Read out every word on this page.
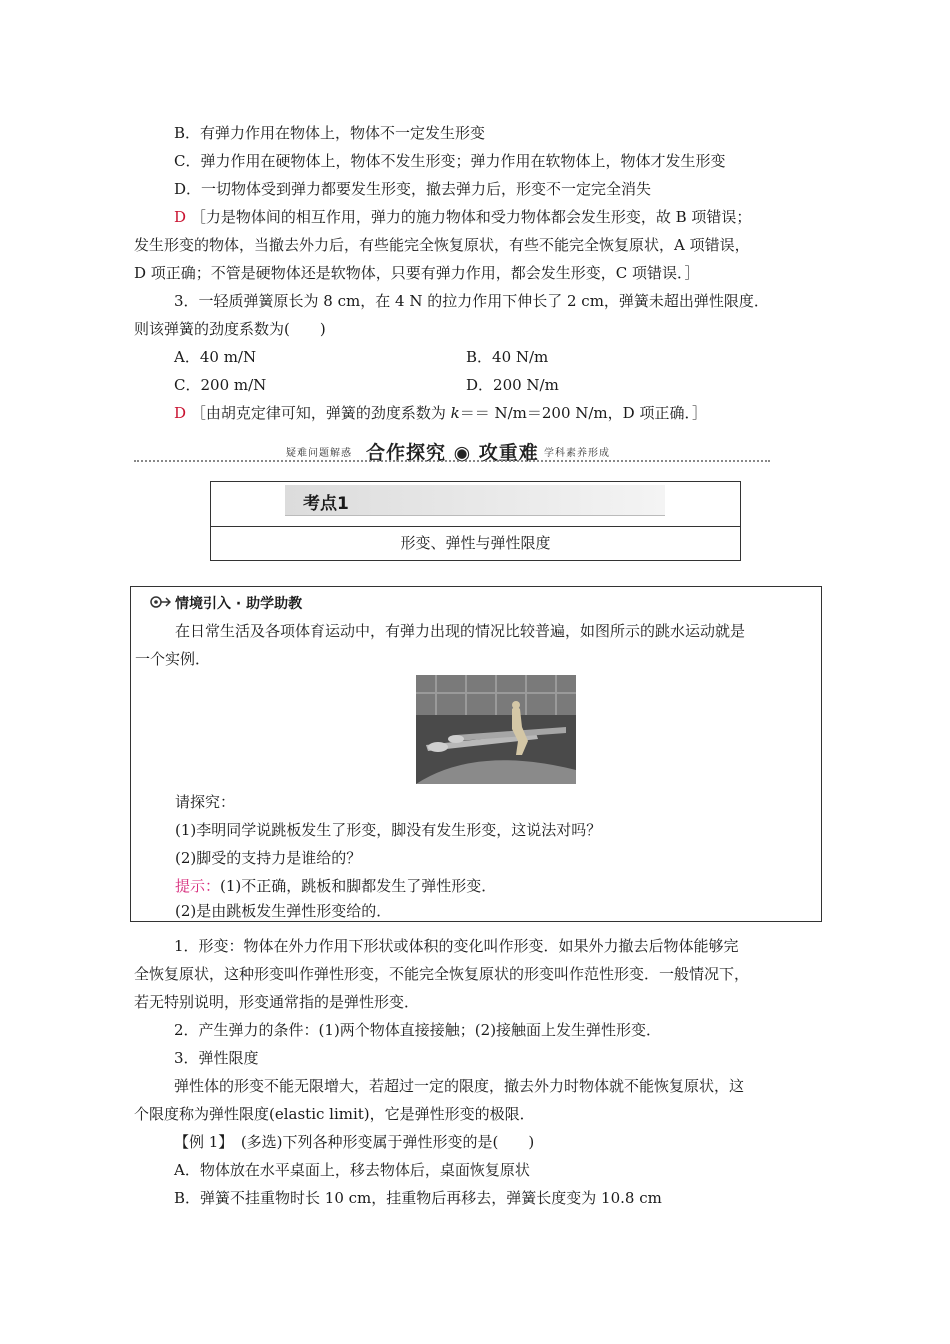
B．有弹力作用在物体上，物体不一定发生形变
C．弹力作用在硬物体上，物体不发生形变；弹力作用在软物体上，物体才发生形变
D．一切物体受到弹力都要发生形变，撤去弹力后，形变不一定完全消失
D ［力是物体间的相互作用，弹力的施力物体和受力物体都会发生形变，故 B 项错误；
发生形变的物体，当撤去外力后，有些能完全恢复原状，有些不能完全恢复原状，A 项错误，
D 项正确；不管是硬物体还是软物体，只要有弹力作用，都会发生形变，C 项错误．］
3．一轻质弹簧原长为 8 cm，在 4 N 的拉力作用下伸长了 2 cm，弹簧未超出弹性限度．
则该弹簧的劲度系数为(　　)
A．40 m/N	B．40 N/m
C．200 m/N	D．200 N/m
D ［由胡克定律可知，弹簧的劲度系数为 k＝＝ N/m＝200 N/m，D 项正确．］
疑难问题解惑 合作探究 ◉ 攻重难 学科素养形成
考点1
形变、弹性与弹性限度
情境引入 · 助学助教
在日常生活及各项体育运动中，有弹力出现的情况比较普遍，如图所示的跳水运动就是
一个实例．
请探究：
(1)李明同学说跳板发生了形变，脚没有发生形变，这说法对吗？
(2)脚受的支持力是谁给的？
提示：(1)不正确，跳板和脚都发生了弹性形变．
(2)是由跳板发生弹性形变给的．
1．形变：物体在外力作用下形状或体积的变化叫作形变．如果外力撤去后物体能够完
全恢复原状，这种形变叫作弹性形变，不能完全恢复原状的形变叫作范性形变．一般情况下，
若无特别说明，形变通常指的是弹性形变．
2．产生弹力的条件：(1)两个物体直接接触；(2)接触面上发生弹性形变．
3．弹性限度
弹性体的形变不能无限增大，若超过一定的限度，撤去外力时物体就不能恢复原状，这
个限度称为弹性限度(elastic limit)，它是弹性形变的极限．
【例 1】　(多选)下列各种形变属于弹性形变的是(　　)
A．物体放在水平桌面上，移去物体后，桌面恢复原状
B．弹簧不挂重物时长 10 cm，挂重物后再移去，弹簧长度变为 10.8 cm
